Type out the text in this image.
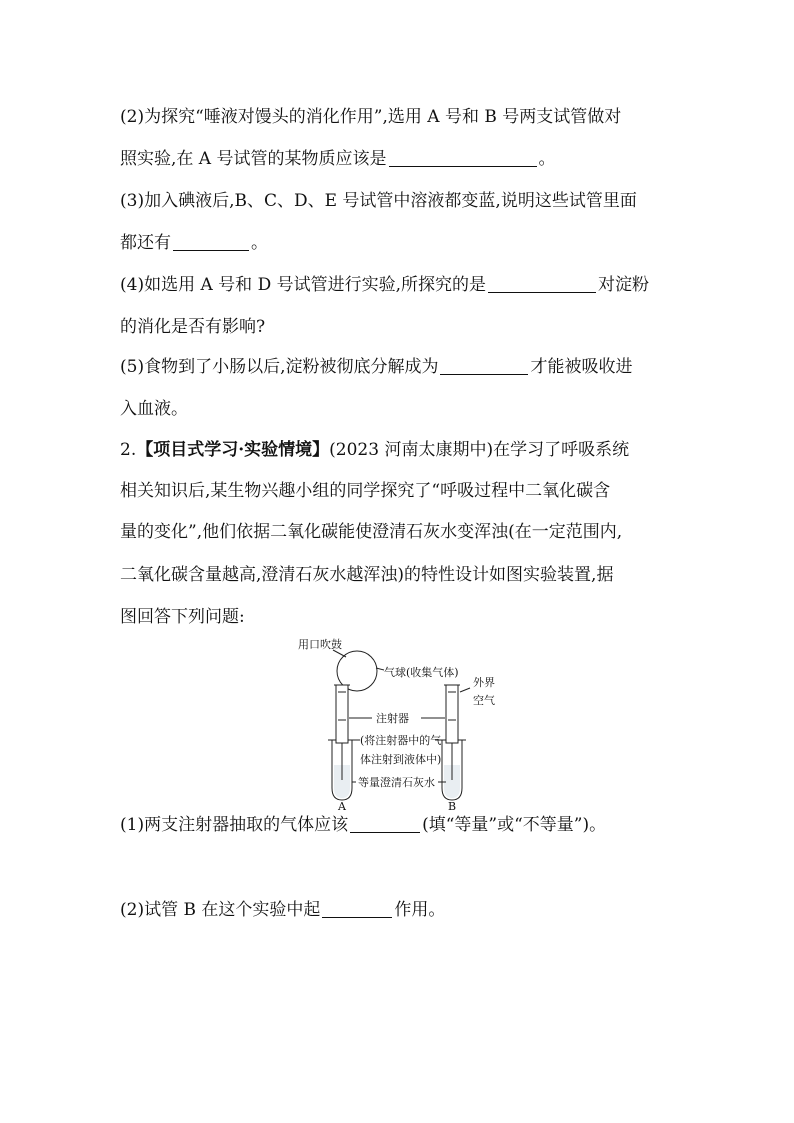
(2)为探究“唾液对馒头的消化作用”,选用 A 号和 B 号两支试管做对
照实验,在 A 号试管的某物质应该是	。
(3)加入碘液后,B、C、D、E 号试管中溶液都变蓝,说明这些试管里面
都还有	。
(4)如选用 A 号和 D 号试管进行实验,所探究的是	对淀粉
的消化是否有影响?
(5)食物到了小肠以后,淀粉被彻底分解成为	才能被吸收进
入血液。
2.【项目式学习·实验情境】(2023 河南太康期中)在学习了呼吸系统
相关知识后,某生物兴趣小组的同学探究了“呼吸过程中二氧化碳含
量的变化”,他们依据二氧化碳能使澄清石灰水变浑浊(在一定范围内,
二氧化碳含量越高,澄清石灰水越浑浊)的特性设计如图实验装置,据
图回答下列问题:
用口吹鼓
气球(收集气体)
外界
空气
注射器
(将注射器中的气
体注射到液体中)
等量澄清石灰水
A	B
(1)两支注射器抽取的气体应该	(填“等量”或“不等量”)。
(2)试管 B 在这个实验中起	作用。
